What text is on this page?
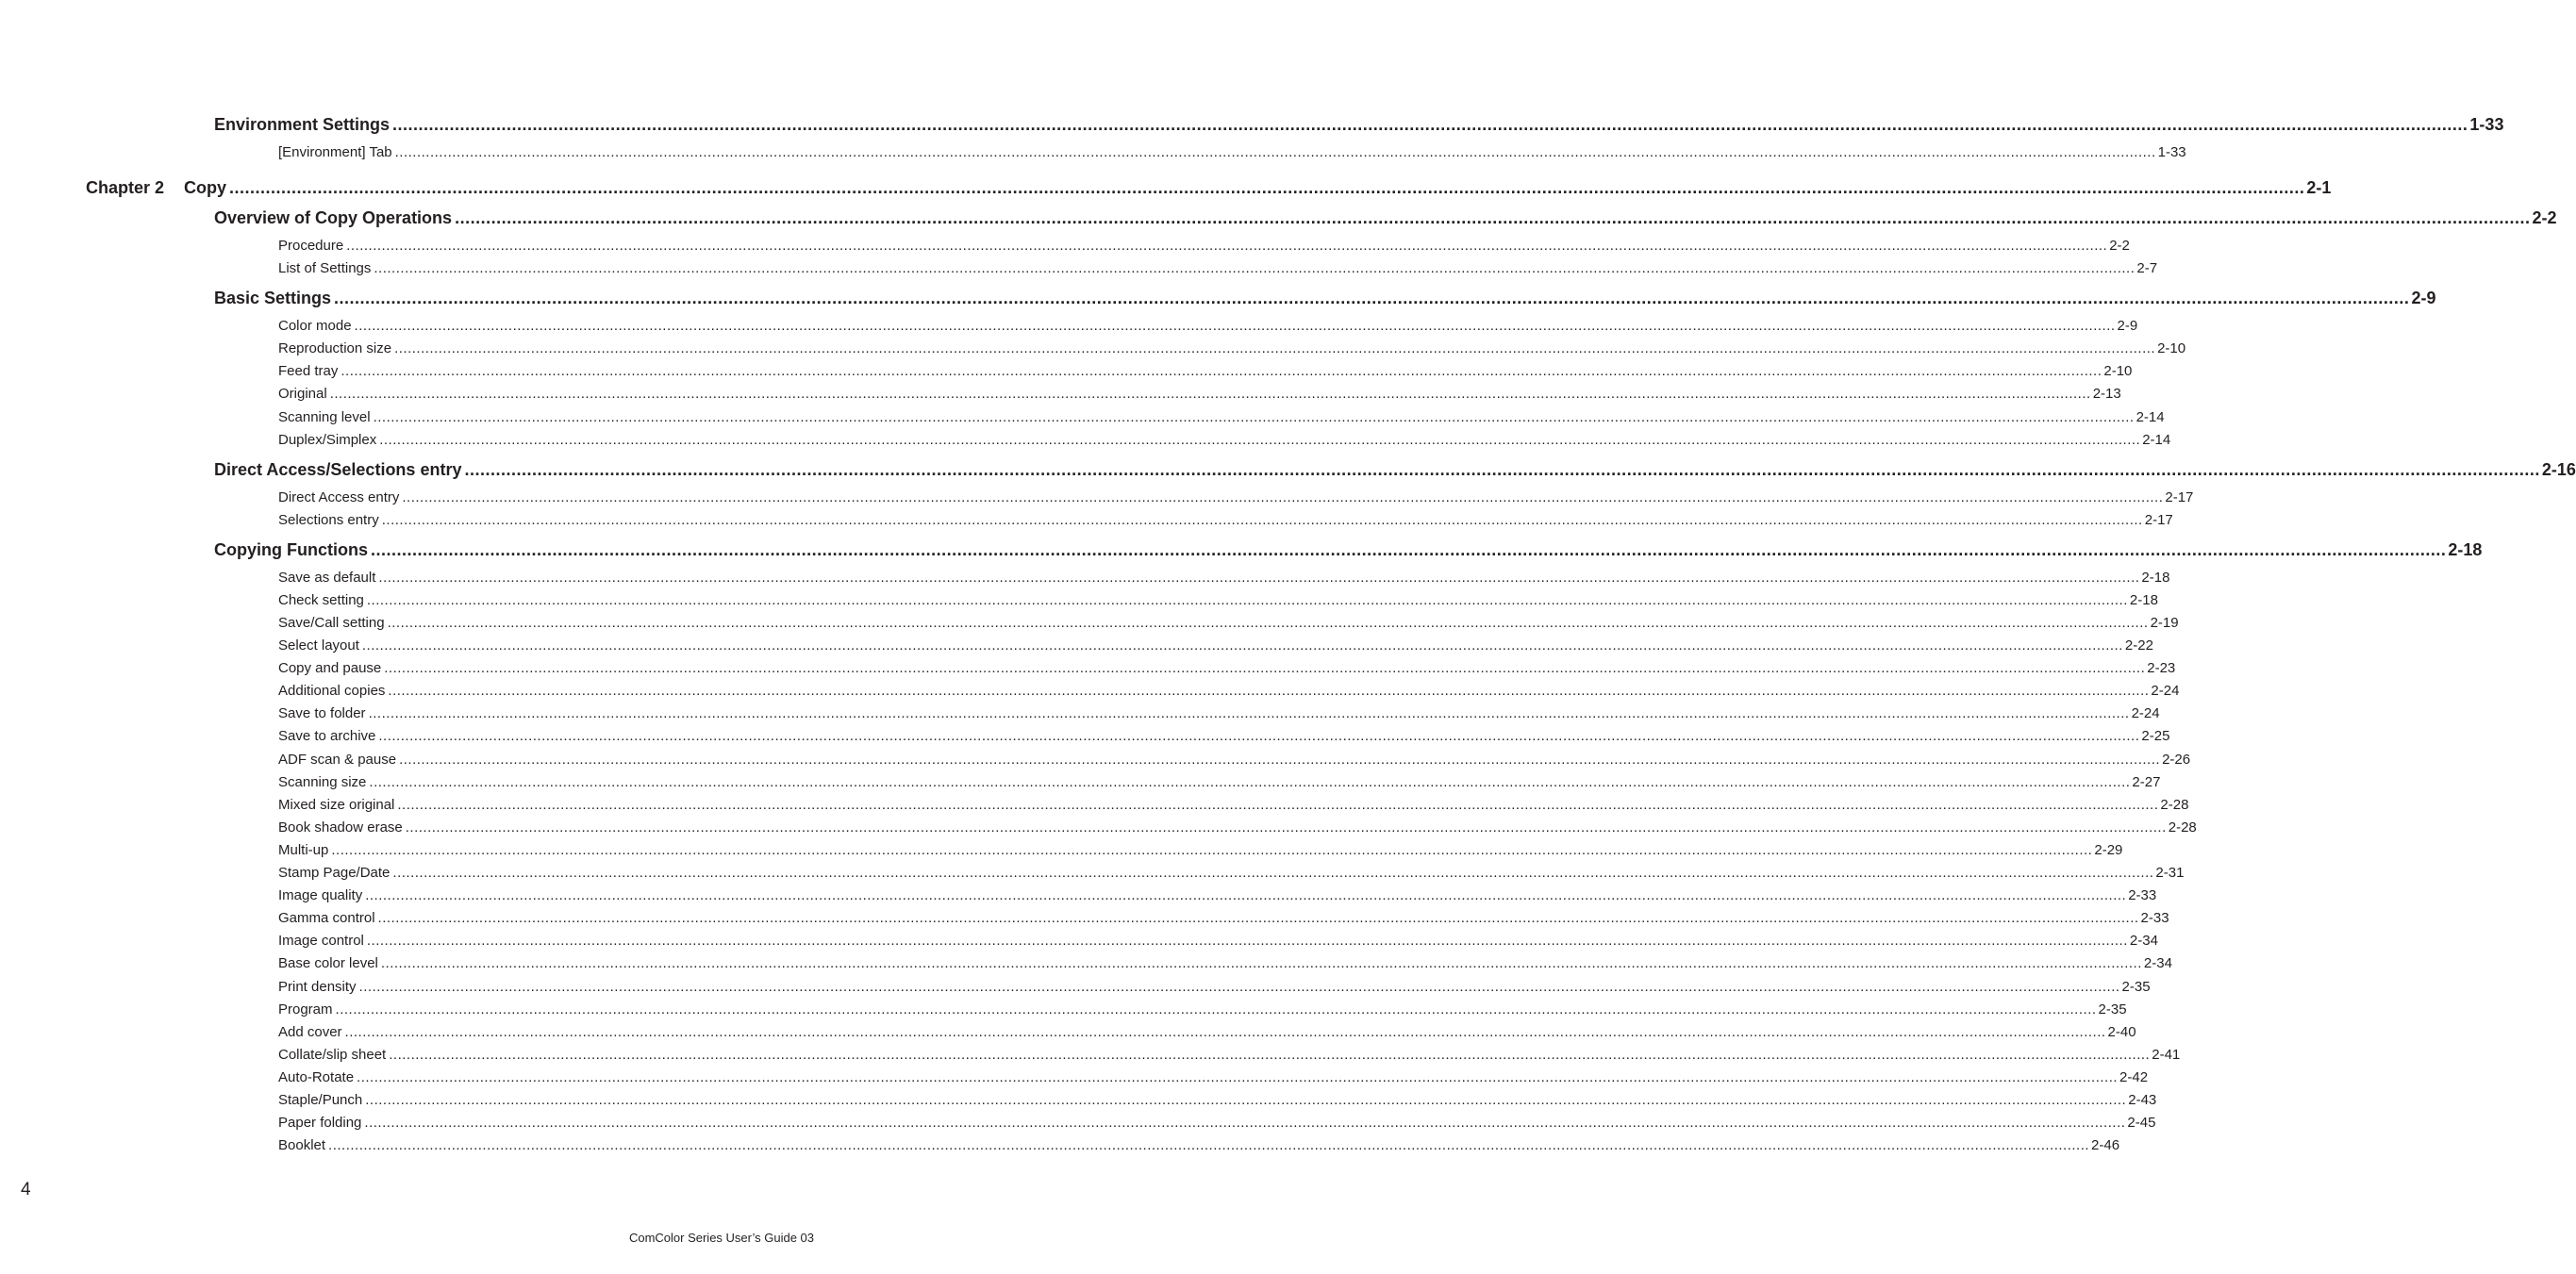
Environment Settings ................................................................................................................................................................................................................................................................................................................................................................................................................ 1-33
[Environment] Tab ................................................................................................................................................................................................................................................................................................................................................................................................................ 1-33
Chapter 2	Copy ................................................................................................................................................................................................................................................................................................................................................................................................................ 2-1
Overview of Copy Operations ................................................................................................................................................................................................................................................................................................................................................................................................................ 2-2
Procedure ................................................................................................................................................................................................................................................................................................................................................................................................................ 2-2
List of Settings ................................................................................................................................................................................................................................................................................................................................................................................................................ 2-7
Basic Settings ................................................................................................................................................................................................................................................................................................................................................................................................................ 2-9
Color mode ................................................................................................................................................................................................................................................................................................................................................................................................................ 2-9
Reproduction size ................................................................................................................................................................................................................................................................................................................................................................................................................ 2-10
Feed tray ................................................................................................................................................................................................................................................................................................................................................................................................................ 2-10
Original ................................................................................................................................................................................................................................................................................................................................................................................................................ 2-13
Scanning level ................................................................................................................................................................................................................................................................................................................................................................................................................ 2-14
Duplex/Simplex ................................................................................................................................................................................................................................................................................................................................................................................................................ 2-14
Direct Access/Selections entry ................................................................................................................................................................................................................................................................................................................................................................................................................ 2-16
Direct Access entry ................................................................................................................................................................................................................................................................................................................................................................................................................ 2-17
Selections entry ................................................................................................................................................................................................................................................................................................................................................................................................................ 2-17
Copying Functions ................................................................................................................................................................................................................................................................................................................................................................................................................ 2-18
Save as default ................................................................................................................................................................................................................................................................................................................................................................................................................ 2-18
Check setting ................................................................................................................................................................................................................................................................................................................................................................................................................ 2-18
Save/Call setting ................................................................................................................................................................................................................................................................................................................................................................................................................ 2-19
Select layout ................................................................................................................................................................................................................................................................................................................................................................................................................ 2-22
Copy and pause ................................................................................................................................................................................................................................................................................................................................................................................................................ 2-23
Additional copies ................................................................................................................................................................................................................................................................................................................................................................................................................ 2-24
Save to folder ................................................................................................................................................................................................................................................................................................................................................................................................................ 2-24
Save to archive ................................................................................................................................................................................................................................................................................................................................................................................................................ 2-25
ADF scan & pause ................................................................................................................................................................................................................................................................................................................................................................................................................ 2-26
Scanning size ................................................................................................................................................................................................................................................................................................................................................................................................................ 2-27
Mixed size original ................................................................................................................................................................................................................................................................................................................................................................................................................ 2-28
Book shadow erase ................................................................................................................................................................................................................................................................................................................................................................................................................ 2-28
Multi-up ................................................................................................................................................................................................................................................................................................................................................................................................................ 2-29
Stamp Page/Date ................................................................................................................................................................................................................................................................................................................................................................................................................ 2-31
Image quality ................................................................................................................................................................................................................................................................................................................................................................................................................ 2-33
Gamma control ................................................................................................................................................................................................................................................................................................................................................................................................................ 2-33
Image control ................................................................................................................................................................................................................................................................................................................................................................................................................ 2-34
Base color level ................................................................................................................................................................................................................................................................................................................................................................................................................ 2-34
Print density ................................................................................................................................................................................................................................................................................................................................................................................................................ 2-35
Program ................................................................................................................................................................................................................................................................................................................................................................................................................ 2-35
Add cover ................................................................................................................................................................................................................................................................................................................................................................................................................ 2-40
Collate/slip sheet ................................................................................................................................................................................................................................................................................................................................................................................................................ 2-41
Auto-Rotate ................................................................................................................................................................................................................................................................................................................................................................................................................ 2-42
Staple/Punch ................................................................................................................................................................................................................................................................................................................................................................................................................ 2-43
Paper folding ................................................................................................................................................................................................................................................................................................................................................................................................................ 2-45
Booklet ................................................................................................................................................................................................................................................................................................................................................................................................................ 2-46
4
ComColor Series User’s Guide 03
